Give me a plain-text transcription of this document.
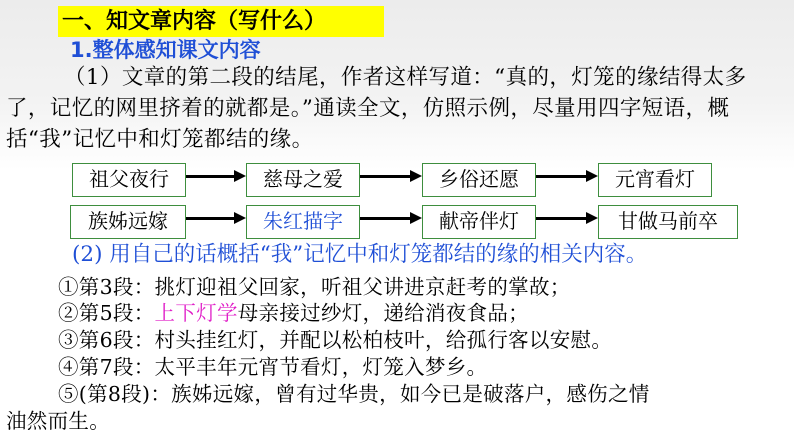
一、知文章内容（写什么）
1.整体感知课文内容
（1）文章的第二段的结尾，作者这样写道：“真的，灯笼的缘结得太多了，记忆的网里挤着的就都是。”通读全文，仿照示例，尽量用四字短语，概括“我”记忆中和灯笼都结的缘。
祖父夜行	慈母之爱	乡俗还愿	元宵看灯
族姊远嫁	朱红描字	献帝伴灯	甘做马前卒
(2) 用自己的话概括“我”记忆中和灯笼都结的缘的相关内容。
①第3段：挑灯迎祖父回家，听祖父讲进京赶考的掌故；
②第5段：上下灯学母亲接过纱灯，递给消夜食品；
③第6段：村头挂红灯，并配以松柏枝叶，给孤行客以安慰。
④第7段：太平丰年元宵节看灯，灯笼入梦乡。
⑤(第8段)：族姊远嫁，曾有过华贵，如今已是破落户，感伤之情
油然而生。
